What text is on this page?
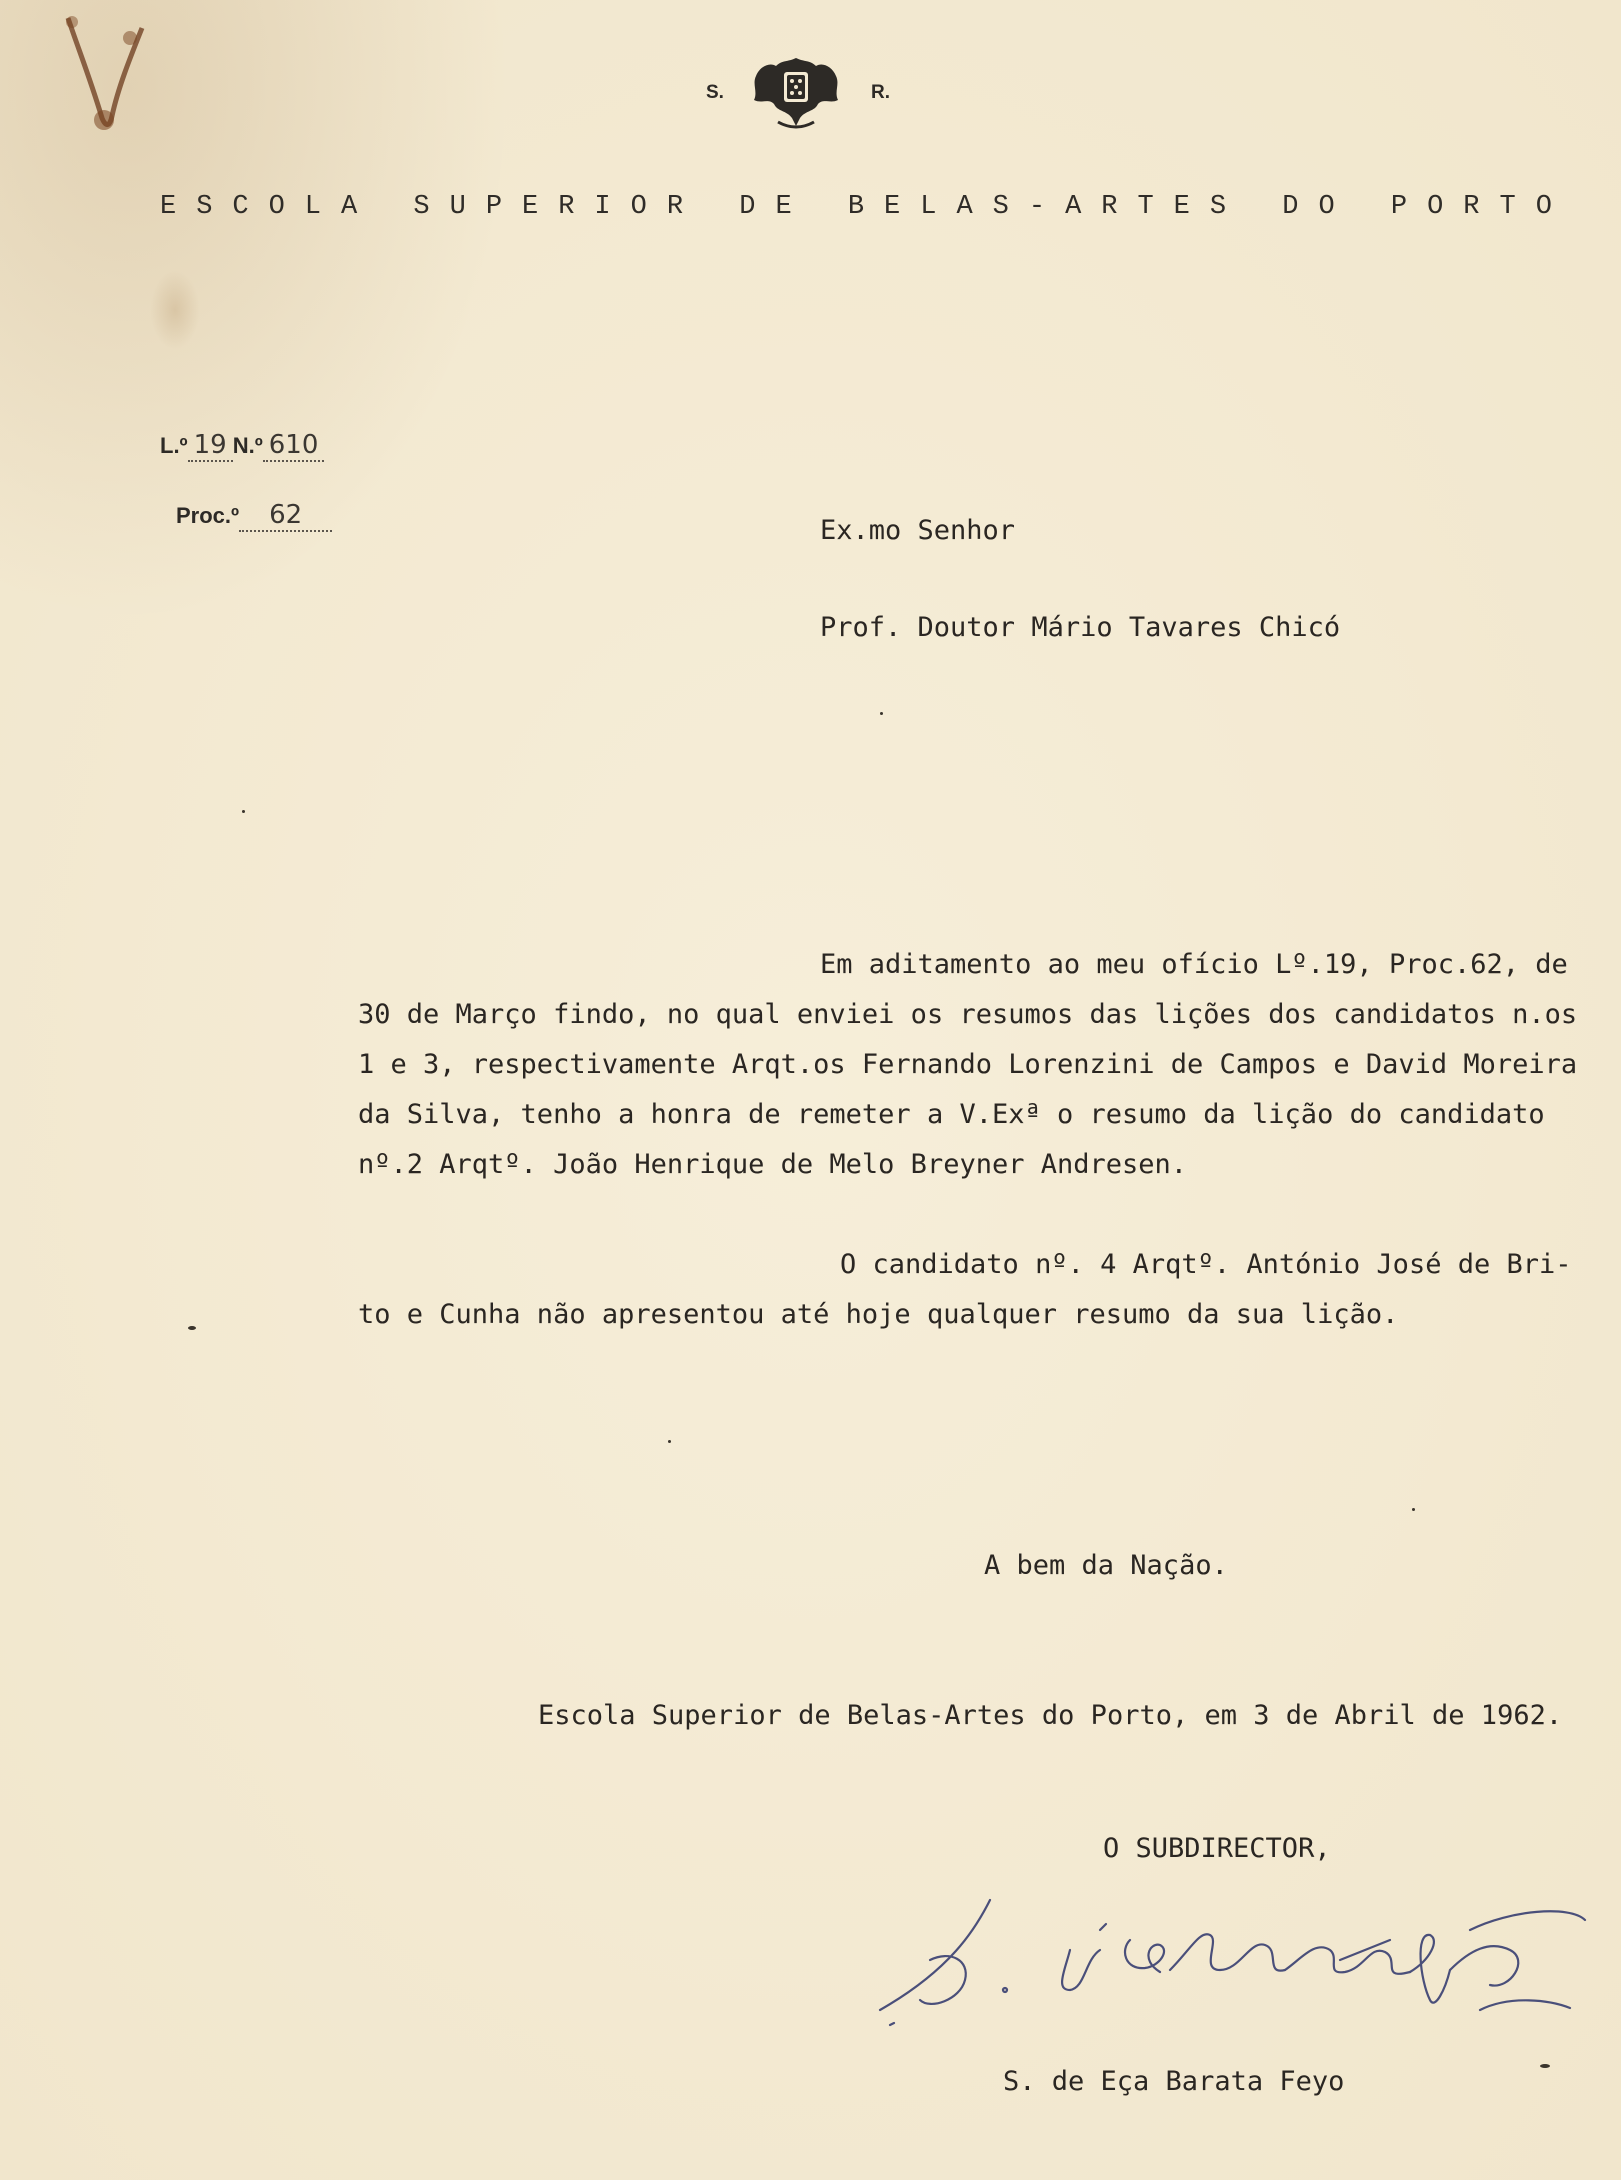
S.	R.
ESCOLA SUPERIOR DE BELAS-ARTES DO PORTO
L.º 19 N.º 610
Proc.º 62	Ex.mo Senhor
Prof. Doutor Mário Tavares Chicó
Em aditamento ao meu ofício Lº.19, Proc.62, de
30 de Março findo, no qual enviei os resumos das lições dos candidatos n.os
1 e 3, respectivamente Arqt.os Fernando Lorenzini de Campos e David Moreira
da Silva, tenho a honra de remeter a V.Exª o resumo da lição do candidato
nº.2 Arqtº. João Henrique de Melo Breyner Andresen.
O candidato nº. 4 Arqtº. António José de Bri-
to e Cunha não apresentou até hoje qualquer resumo da sua lição.
A bem da Nação.
Escola Superior de Belas-Artes do Porto, em 3 de Abril de 1962.
O SUBDIRECTOR,
S. de Eça Barata Feyo
